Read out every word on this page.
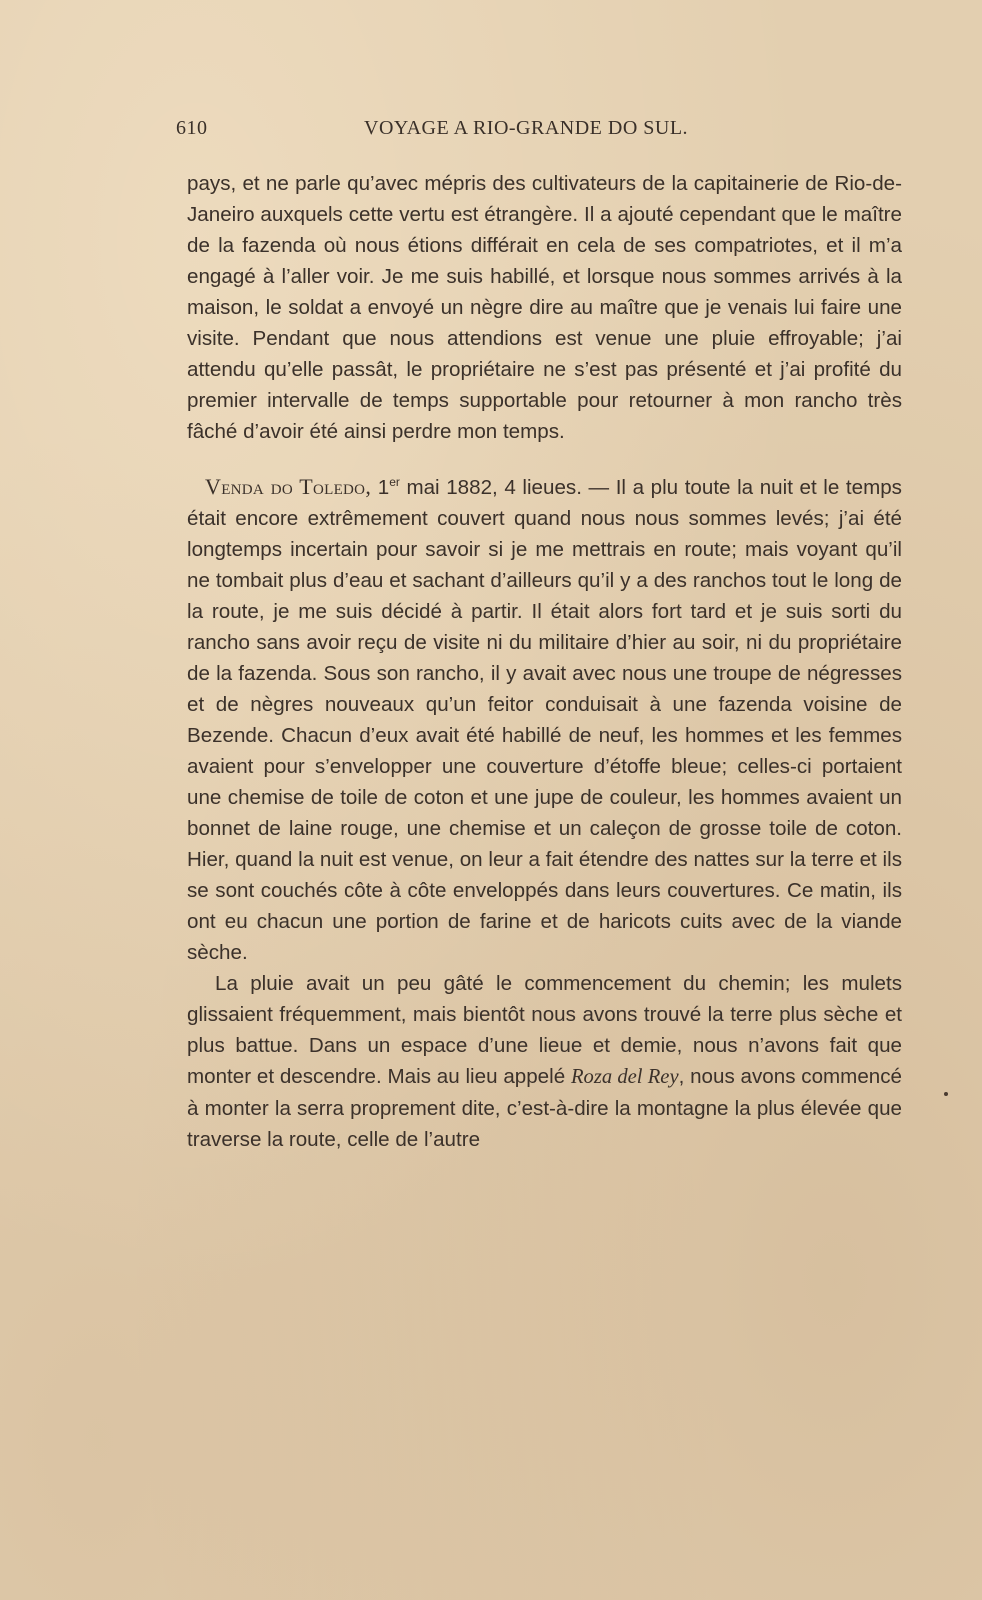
610	VOYAGE A RIO-GRANDE DO SUL.

pays, et ne parle qu’avec mépris des cultivateurs de la capitainerie de Rio-de-Janeiro auxquels cette vertu est étrangère. Il a ajouté cependant que le maître de la fazenda où nous étions différait en cela de ses compatriotes, et il m’a engagé à l’aller voir. Je me suis habillé, et lorsque nous sommes arrivés à la maison, le soldat a envoyé un nègre dire au maître que je venais lui faire une visite. Pendant que nous attendions est venue une pluie effroyable; j’ai attendu qu’elle passât, le propriétaire ne s’est pas présenté et j’ai profité du premier intervalle de temps supportable pour retourner à mon rancho très fâché d’avoir été ainsi perdre mon temps.

Venda do Toledo, 1er mai 1882, 4 lieues. — Il a plu toute la nuit et le temps était encore extrêmement couvert quand nous nous sommes levés; j’ai été longtemps incertain pour savoir si je me mettrais en route; mais voyant qu’il ne tombait plus d’eau et sachant d’ailleurs qu’il y a des ranchos tout le long de la route, je me suis décidé à partir. Il était alors fort tard et je suis sorti du rancho sans avoir reçu de visite ni du militaire d’hier au soir, ni du propriétaire de la fazenda. Sous son rancho, il y avait avec nous une troupe de négresses et de nègres nouveaux qu’un feitor conduisait à une fazenda voisine de Bezende. Chacun d’eux avait été habillé de neuf, les hommes et les femmes avaient pour s’envelopper une couverture d’étoffe bleue; celles-ci portaient une chemise de toile de coton et une jupe de couleur, les hommes avaient un bonnet de laine rouge, une chemise et un caleçon de grosse toile de coton. Hier, quand la nuit est venue, on leur a fait étendre des nattes sur la terre et ils se sont couchés côte à côte enveloppés dans leurs couvertures. Ce matin, ils ont eu chacun une portion de farine et de haricots cuits avec de la viande sèche.

La pluie avait un peu gâté le commencement du chemin; les mulets glissaient fréquemment, mais bientôt nous avons trouvé la terre plus sèche et plus battue. Dans un espace d’une lieue et demie, nous n’avons fait que monter et descendre. Mais au lieu appelé Roza del Rey, nous avons commencé à monter la serra proprement dite, c’est-à-dire la montagne la plus élevée que traverse la route, celle de l’autre
